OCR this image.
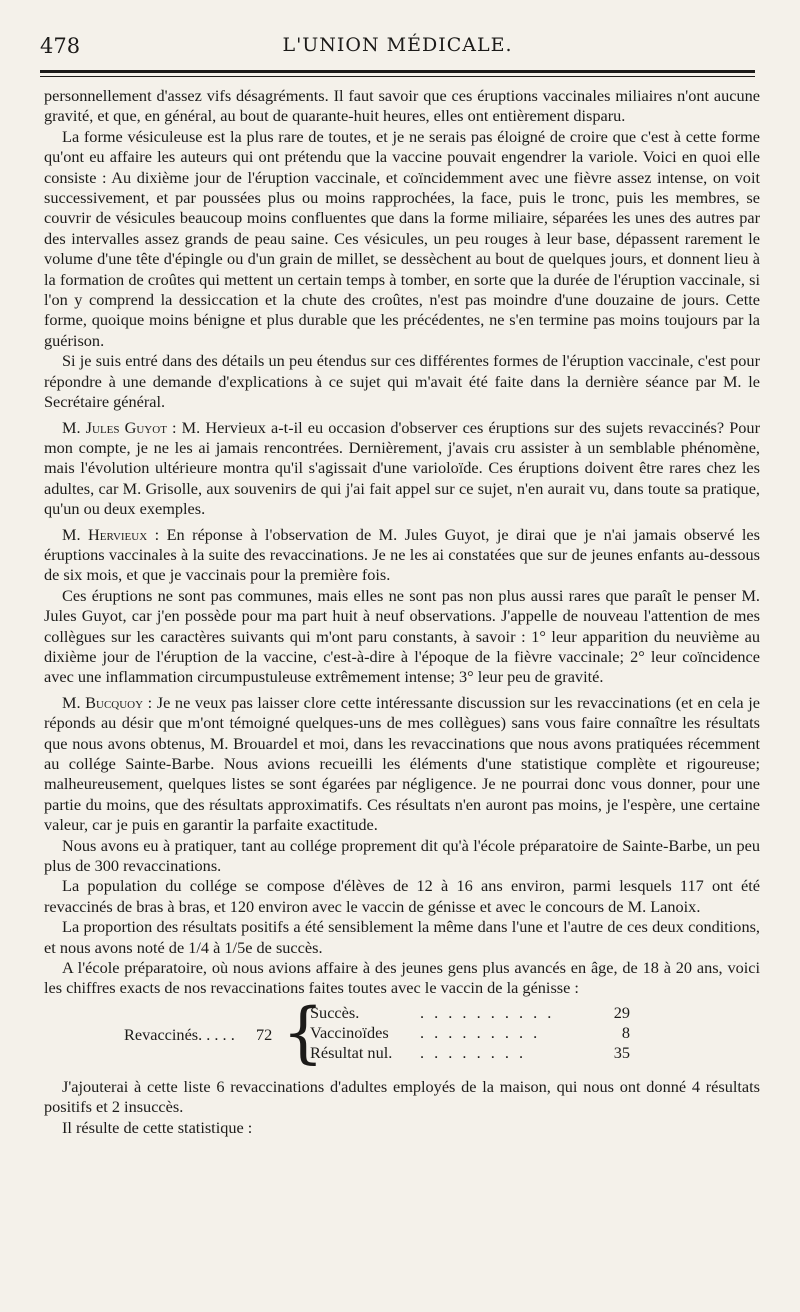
478	L'UNION MÉDICALE.

personnellement d'assez vifs désagréments. Il faut savoir que ces éruptions vaccinales miliaires n'ont aucune gravité, et que, en général, au bout de quarante-huit heures, elles ont entièrement disparu.

La forme vésiculeuse est la plus rare de toutes, et je ne serais pas éloigné de croire que c'est à cette forme qu'ont eu affaire les auteurs qui ont prétendu que la vaccine pouvait engendrer la variole. Voici en quoi elle consiste : Au dixième jour de l'éruption vaccinale, et coïncidemment avec une fièvre assez intense, on voit successivement, et par poussées plus ou moins rapprochées, la face, puis le tronc, puis les membres, se couvrir de vésicules beaucoup moins confluentes que dans la forme miliaire, séparées les unes des autres par des intervalles assez grands de peau saine. Ces vésicules, un peu rouges à leur base, dépassent rarement le volume d'une tête d'épingle ou d'un grain de millet, se dessèchent au bout de quelques jours, et donnent lieu à la formation de croûtes qui mettent un certain temps à tomber, en sorte que la durée de l'éruption vaccinale, si l'on y comprend la dessiccation et la chute des croûtes, n'est pas moindre d'une douzaine de jours. Cette forme, quoique moins bénigne et plus durable que les précédentes, ne s'en termine pas moins toujours par la guérison.

Si je suis entré dans des détails un peu étendus sur ces différentes formes de l'éruption vaccinale, c'est pour répondre à une demande d'explications à ce sujet qui m'avait été faite dans la dernière séance par M. le Secrétaire général.

M. Jules Guyot : M. Hervieux a-t-il eu occasion d'observer ces éruptions sur des sujets revaccinés? Pour mon compte, je ne les ai jamais rencontrées. Dernièrement, j'avais cru assister à un semblable phénomène, mais l'évolution ultérieure montra qu'il s'agissait d'une varioloïde. Ces éruptions doivent être rares chez les adultes, car M. Grisolle, aux souvenirs de qui j'ai fait appel sur ce sujet, n'en aurait vu, dans toute sa pratique, qu'un ou deux exemples.

M. Hervieux : En réponse à l'observation de M. Jules Guyot, je dirai que je n'ai jamais observé les éruptions vaccinales à la suite des revaccinations. Je ne les ai constatées que sur de jeunes enfants au-dessous de six mois, et que je vaccinais pour la première fois.

Ces éruptions ne sont pas communes, mais elles ne sont pas non plus aussi rares que paraît le penser M. Jules Guyot, car j'en possède pour ma part huit à neuf observations. J'appelle de nouveau l'attention de mes collègues sur les caractères suivants qui m'ont paru constants, à savoir : 1° leur apparition du neuvième au dixième jour de l'éruption de la vaccine, c'est-à-dire à l'époque de la fièvre vaccinale; 2° leur coïncidence avec une inflammation circumpustuleuse extrêmement intense; 3° leur peu de gravité.

M. Bucquoy : Je ne veux pas laisser clore cette intéressante discussion sur les revaccinations (et en cela je réponds au désir que m'ont témoigné quelques-uns de mes collègues) sans vous faire connaître les résultats que nous avons obtenus, M. Brouardel et moi, dans les revaccinations que nous avons pratiquées récemment au collége Sainte-Barbe. Nous avions recueilli les éléments d'une statistique complète et rigoureuse; malheureusement, quelques listes se sont égarées par négligence. Je ne pourrai donc vous donner, pour une partie du moins, que des résultats approximatifs. Ces résultats n'en auront pas moins, je l'espère, une certaine valeur, car je puis en garantir la parfaite exactitude.

Nous avons eu à pratiquer, tant au collége proprement dit qu'à l'école préparatoire de Sainte-Barbe, un peu plus de 300 revaccinations.

La population du collége se compose d'élèves de 12 à 16 ans environ, parmi lesquels 117 ont été revaccinés de bras à bras, et 120 environ avec le vaccin de génisse et avec le concours de M. Lanoix.

La proportion des résultats positifs a été sensiblement la même dans l'une et l'autre de ces deux conditions, et nous avons noté de 1/4 à 1/5e de succès.

A l'école préparatoire, où nous avions affaire à des jeunes gens plus avancés en âge, de 18 à 20 ans, voici les chiffres exacts de nos revaccinations faites toutes avec le vaccin de la génisse :

Revaccinés. . . . . 72 {
Succès.	. . . . . . . . . .	29
Vaccinoïdes . . . . . . . . .	8
Résultat nul. . . . . . . . .	35

J'ajouterai à cette liste 6 revaccinations d'adultes employés de la maison, qui nous ont donné 4 résultats positifs et 2 insuccès.

Il résulte de cette statistique :
